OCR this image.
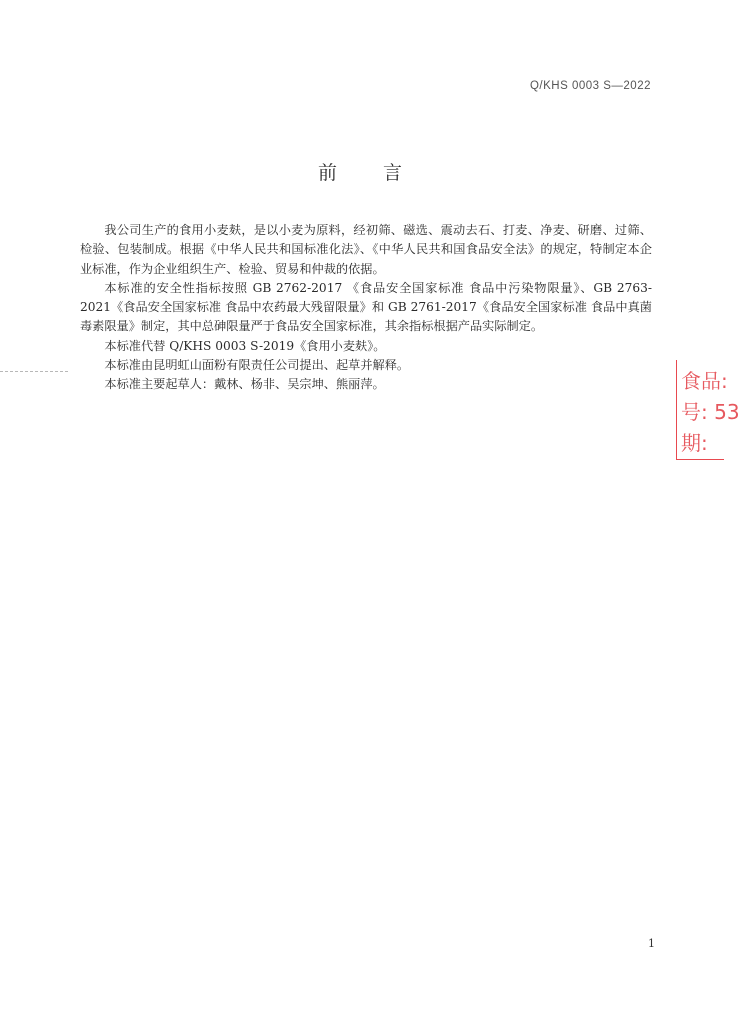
Q/KHS 0003 S—2022
前 言

我公司生产的食用小麦麸，是以小麦为原料，经初筛、磁选、震动去石、打麦、净麦、研磨、过筛、检验、包装制成。根据《中华人民共和国标准化法》、《中华人民共和国食品安全法》的规定，特制定本企业标准，作为企业组织生产、检验、贸易和仲裁的依据。

本标准的安全性指标按照 GB 2762-2017 《食品安全国家标准 食品中污染物限量》、GB 2763-2021《食品安全国家标准 食品中农药最大残留限量》和 GB 2761-2017《食品安全国家标准 食品中真菌毒素限量》制定，其中总砷限量严于食品安全国家标准，其余指标根据产品实际制定。

本标准代替 Q/KHS 0003 S-2019《食用小麦麸》。

本标准由昆明虹山面粉有限责任公司提出、起草并解释。

本标准主要起草人：戴林、杨非、吴宗坤、熊丽萍。	食品:
号: 53
期:
1
